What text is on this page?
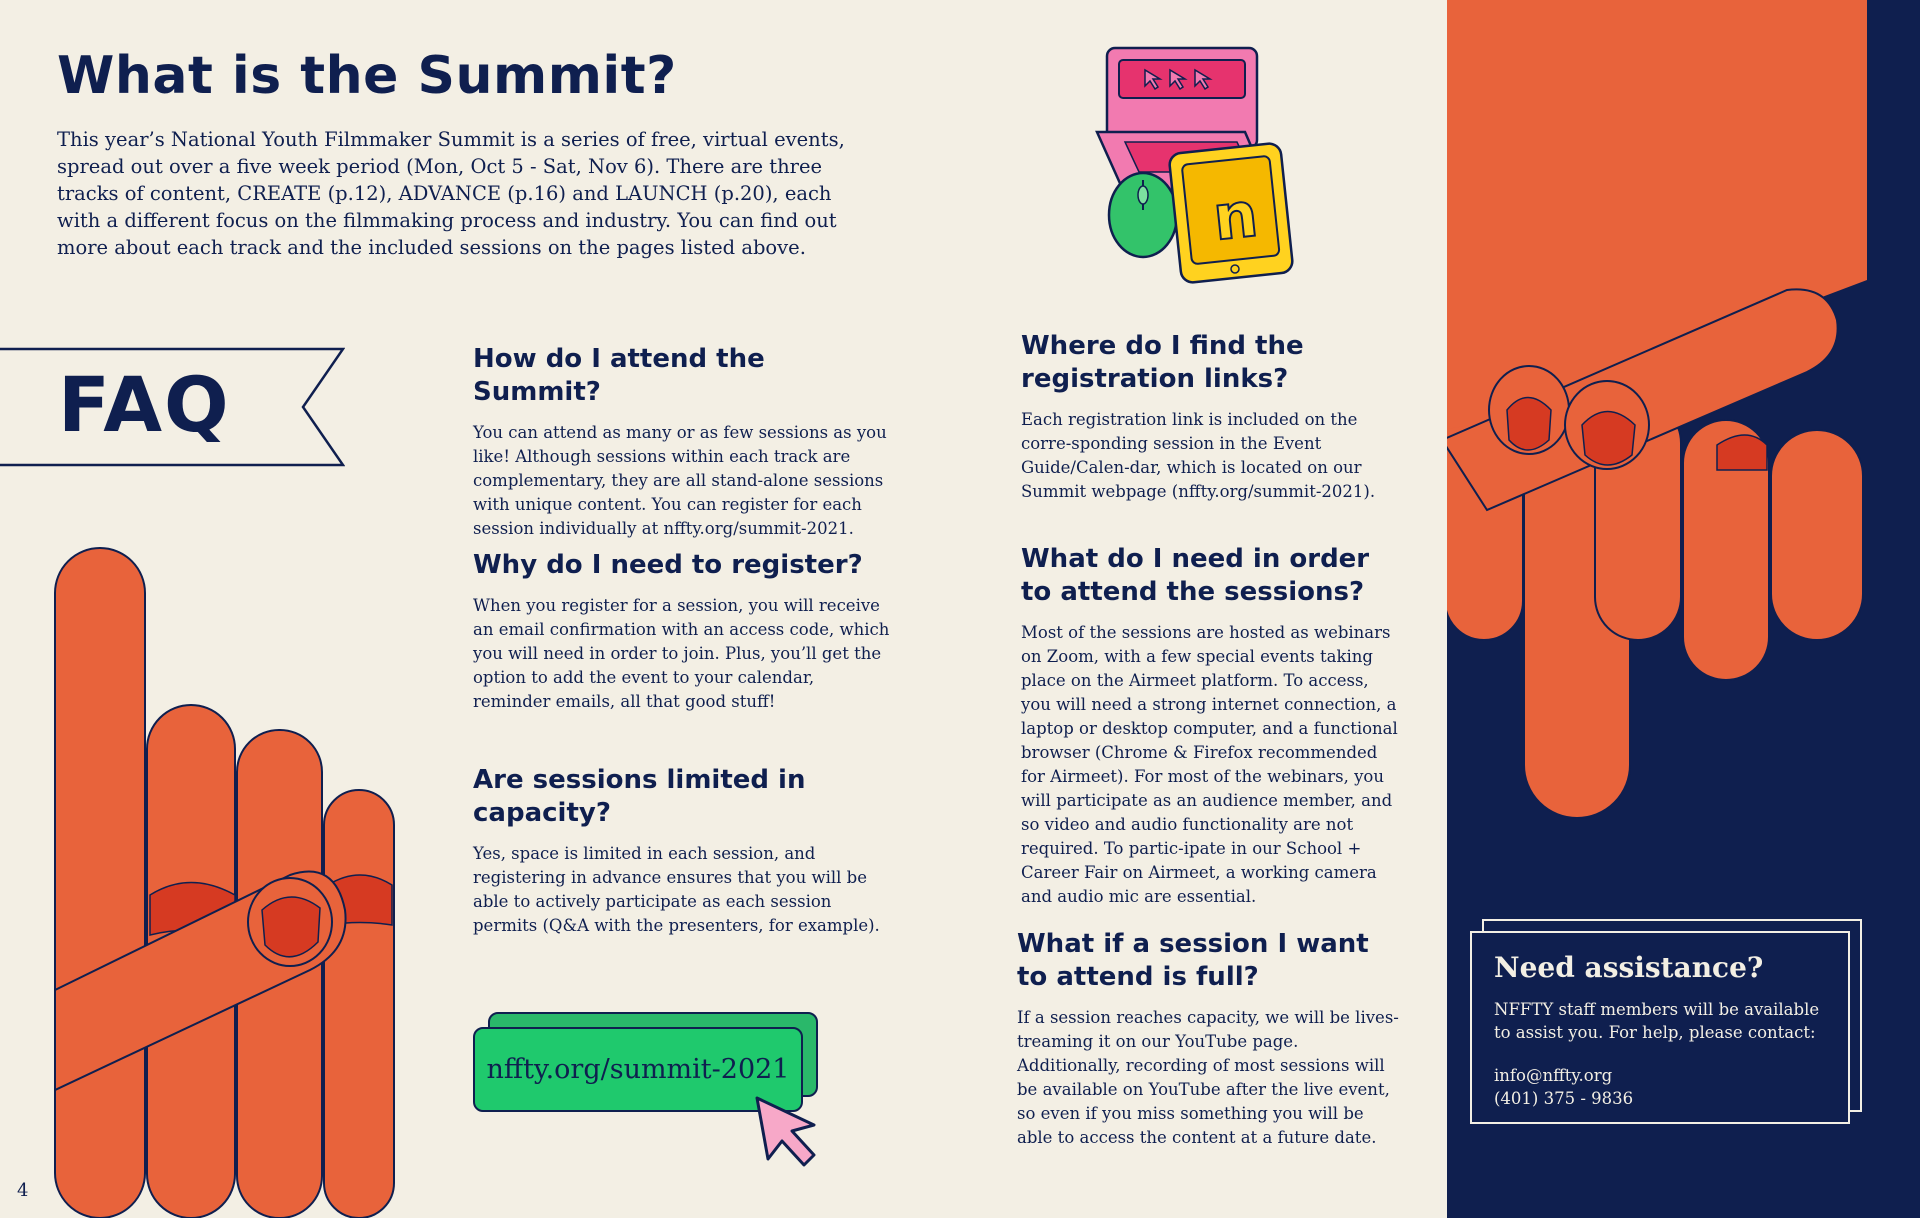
What is the Summit?

This year’s National Youth Filmmaker Summit is a series of free, virtual events, spread out over a five week period (Mon, Oct 5 - Sat, Nov 6). There are three tracks of content, CREATE (p.12), ADVANCE (p.16) and LAUNCH (p.20), each with a different focus on the filmmaking process and industry. You can find out more about each track and the included sessions on the pages listed above.	n
FAQ
How do I attend the Summit?

You can attend as many or as few sessions as you like! Although sessions within each track are complementary, they are all stand-alone sessions with unique content. You can register for each session individually at nffty.org/summit-2021.

Why do I need to register?

When you register for a session, you will receive an email confirmation with an access code, which you will need in order to join. Plus, you’ll get the option to add the event to your calendar, reminder emails, all that good stuff!

Are sessions limited in capacity?

Yes, space is limited in each session, and registering in advance ensures that you will be able to actively participate as each session permits (Q&A with the presenters, for example).

Where do I find the registration links?

Each registration link is included on the corre-sponding session in the Event Guide/Calen-dar, which is located on our Summit webpage (nffty.org/summit-2021).

What do I need in order to attend the sessions?

Most of the sessions are hosted as webinars on Zoom, with a few special events taking place on the Airmeet platform. To access, you will need a strong internet connection, a laptop or desktop computer, and a functional browser (Chrome & Firefox recommended for Airmeet). For most of the webinars, you will participate as an audience member, and so video and audio functionality are not required. To partic-ipate in our School + Career Fair on Airmeet, a working camera and audio mic are essential.

What if a session I want to attend is full?

If a session reaches capacity, we will be lives-treaming it on our YouTube page. Additionally, recording of most sessions will be available on YouTube after the live event, so even if you miss something you will be able to access the content at a future date.

nffty.org/summit-2021
4
Need assistance?
NFFTY staff members will be available to assist you. For help, please contact:
info@nffty.org
(401) 375 - 9836
